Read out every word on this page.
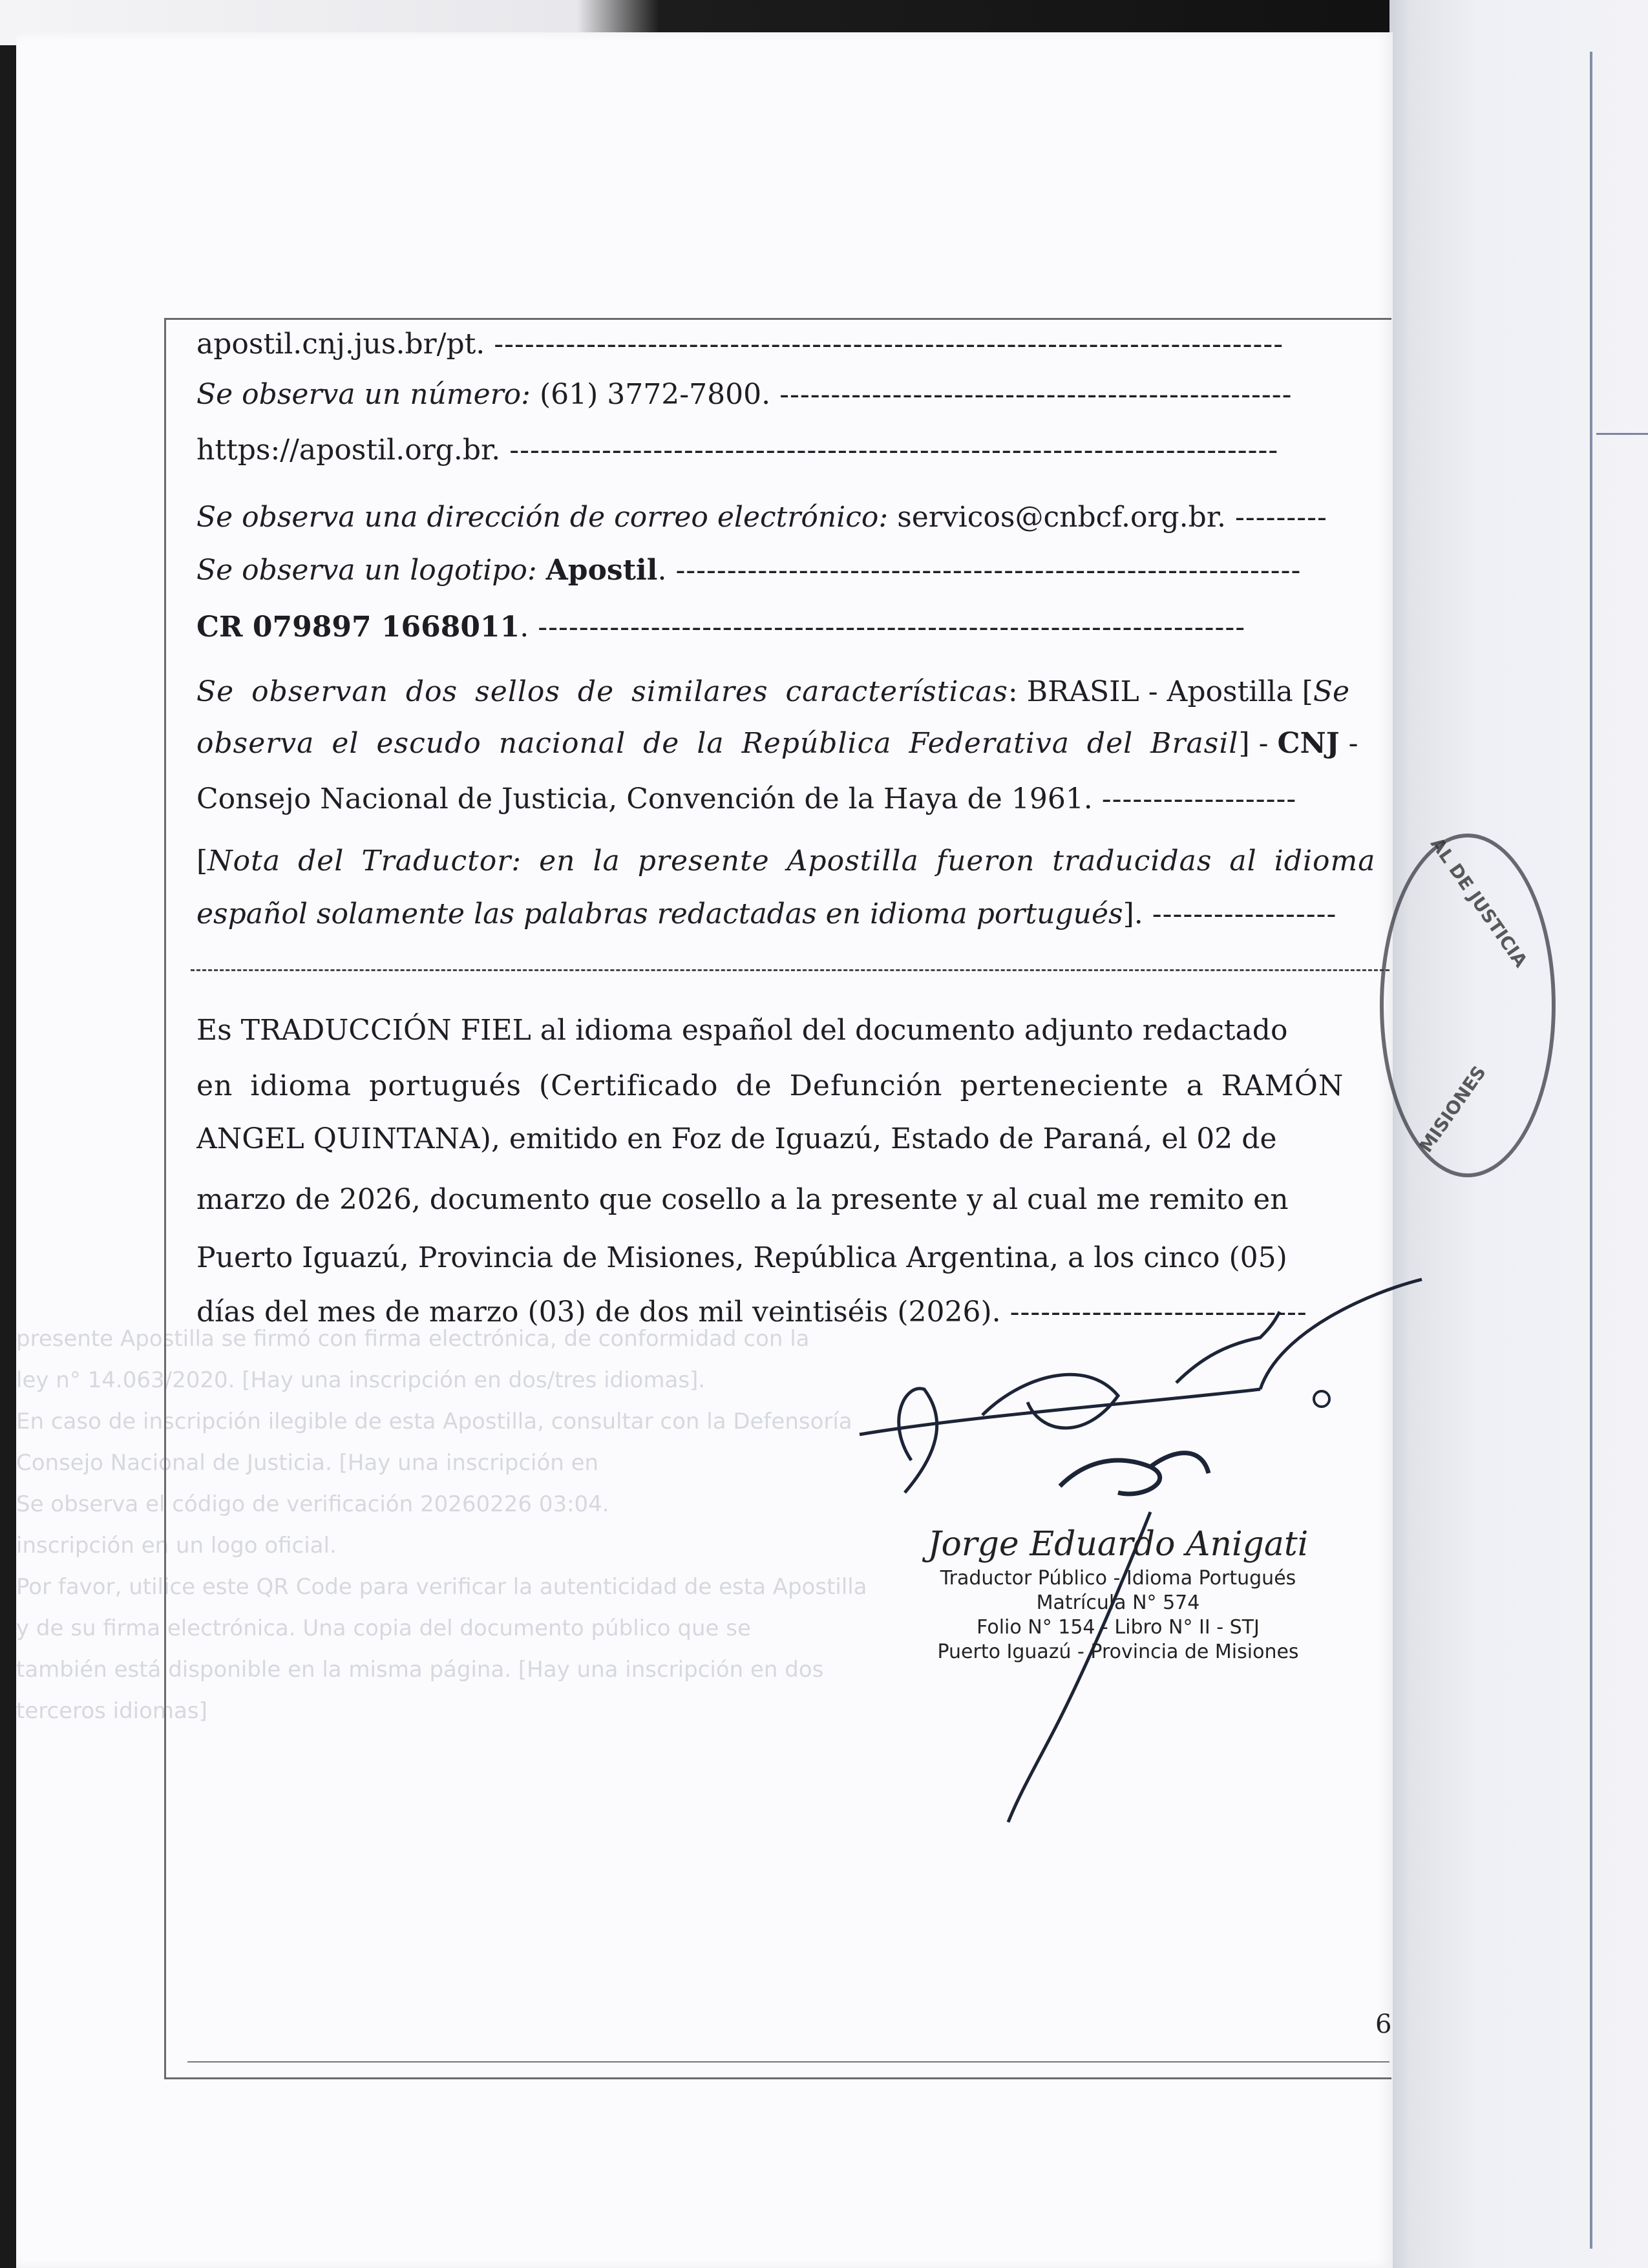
presente Apostilla se firmó con firma electrónica, de conformidad con la
ley n° 14.063/2020. [Hay una inscripción en dos/tres idiomas].
En caso de inscripción ilegible de esta Apostilla, consultar con la Defensoría
Consejo Nacional de Justicia. [Hay una inscripción en
Se observa el código de verificación 20260226 03:04.
inscripción en un logo oficial.
Por favor, utilice este QR Code para verificar la autenticidad de esta Apostilla
y de su firma electrónica. Una copia del documento público que se
también está disponible en la misma página. [Hay una inscripción en dos
terceros idiomas]
apostil.cnj.jus.br/pt. -----------------------------------------------------------------------------
Se observa un número: (61) 3772-7800. --------------------------------------------------
https://apostil.org.br. ---------------------------------------------------------------------------
Se observa una dirección de correo electrónico: servicos@cnbcf.org.br. ---------
Se observa un logotipo: Apostil. -------------------------------------------------------------
CR 079897 1668011. ---------------------------------------------------------------------
Se observan dos sellos de similares características: BRASIL - Apostilla [Se
observa el escudo nacional de la República Federativa del Brasil] - CNJ -
Consejo Nacional de Justicia, Convención de la Haya de 1961. -------------------
[Nota del Traductor: en la presente Apostilla fueron traducidas al idioma
español solamente las palabras redactadas en idioma portugués]. ------------------
Es TRADUCCIÓN FIEL al idioma español del documento adjunto redactado
en idioma portugués (Certificado de Defunción perteneciente a RAMÓN
ANGEL QUINTANA), emitido en Foz de Iguazú, Estado de Paraná, el 02 de
marzo de 2026, documento que cosello a la presente y al cual me remito en
Puerto Iguazú, Provincia de Misiones, República Argentina, a los cinco (05)
días del mes de marzo (03) de dos mil veintiséis (2026). -----------------------------
AL DE JUSTICIA
MISIONES
Jorge Eduardo Anigati
Traductor Público - Idioma Portugués
Matrícula N° 574
Folio N° 154 - Libro N° II - STJ
Puerto Iguazú - Provincia de Misiones
6
